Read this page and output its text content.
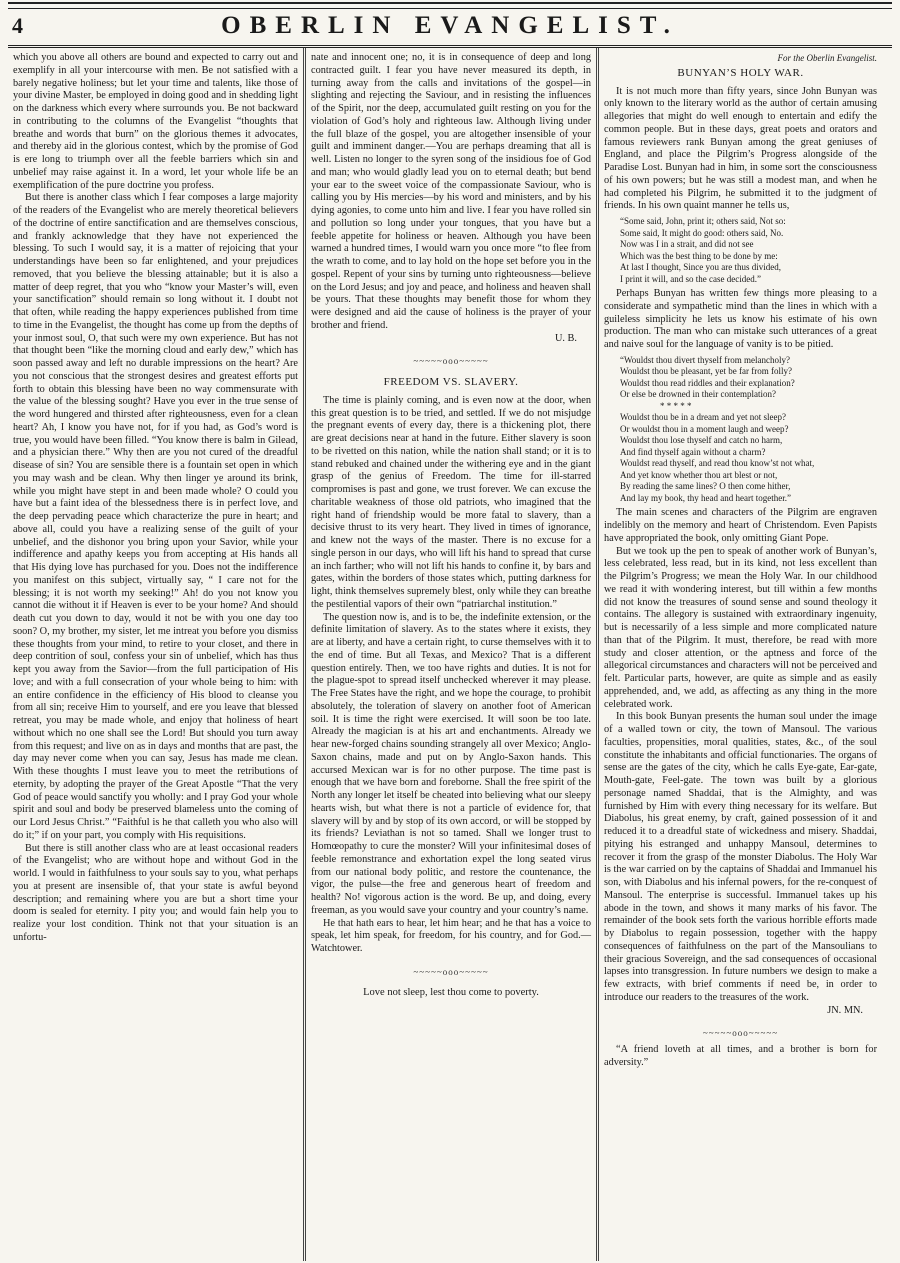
4	OBERLIN EVANGELIST.

which you above all others are bound and expected to carry out and exemplify in all your intercourse with men. Be not satisfied with a barely negative holiness; but let your time and talents, like those of your divine Master, be employed in doing good and in shedding light on the darkness which every where surrounds you. Be not backward in contributing to the columns of the Evangelist “thoughts that breathe and words that burn” on the glorious themes it advocates, and thereby aid in the glorious contest, which by the promise of God is ere long to triumph over all the feeble barriers which sin and unbelief may raise against it. In a word, let your whole life be an exemplification of the pure doctrine you profess.

But there is another class which I fear composes a large majority of the readers of the Evangelist who are merely theoretical believers of the doctrine of entire sanctification and are themselves conscious, and frankly acknowledge that they have not experienced the blessing. To such I would say, it is a matter of rejoicing that your understandings have been so far enlightened, and your prejudices removed, that you believe the blessing attainable; but it is also a matter of deep regret, that you who “know your Master’s will, even your sanctification” should remain so long without it. I doubt not that often, while reading the happy experiences published from time to time in the Evangelist, the thought has come up from the depths of your inmost soul, O, that such were my own experience. But has not that thought been “like the morning cloud and early dew,” which has soon passed away and left no durable impressions on the heart? Are you not conscious that the strongest desires and greatest efforts put forth to obtain this blessing have been no way commensurate with the value of the blessing sought? Have you ever in the true sense of the word hungered and thirsted after righteousness, even for a clean heart? Ah, I know you have not, for if you had, as God’s word is true, you would have been filled. “You know there is balm in Gilead, and a physician there.” Why then are you not cured of the dreadful disease of sin? You are sensible there is a fountain set open in which you may wash and be clean. Why then linger ye around its brink, while you might have stept in and been made whole? O could you have but a faint idea of the blessedness there is in perfect love, and the deep pervading peace which characterize the pure in heart; and above all, could you have a realizing sense of the guilt of your unbelief, and the dishonor you bring upon your Savior, while your indifference and apathy keeps you from accepting at His hands all that His dying love has purchased for you. Does not the indifference you manifest on this subject, virtually say, “ I care not for the blessing; it is not worth my seeking!” Ah! do you not know you cannot die without it if Heaven is ever to be your home? And should death cut you down to day, would it not be with you one day too soon? O, my brother, my sister, let me intreat you before you dismiss these thoughts from your mind, to retire to your closet, and there in deep contrition of soul, confess your sin of unbelief, which has thus kept you away from the Savior—from the full participation of His love; and with a full consecration of your whole being to him: with an entire confidence in the efficiency of His blood to cleanse you from all sin; receive Him to yourself, and ere you leave that blessed retreat, you may be made whole, and enjoy that holiness of heart without which no one shall see the Lord! But should you turn away from this request; and live on as in days and months that are past, the day may never come when you can say, Jesus has made me clean. With these thoughts I must leave you to meet the retributions of eternity, by adopting the prayer of the Great Apostle “That the very God of peace would sanctify you wholly: and I pray God your whole spirit and soul and body be preserved blameless unto the coming of our Lord Jesus Christ.” “Faithful is he that calleth you who also will do it;” if on your part, you comply with His requisitions.

But there is still another class who are at least occasional readers of the Evangelist; who are without hope and without God in the world. I would in faithfulness to your souls say to you, what perhaps you at present are insensible of, that your state is awful beyond description; and remaining where you are but a short time your doom is sealed for eternity. I pity you; and would fain help you to realize your lost condition. Think not that your situation is an unfortu-

nate and innocent one; no, it is in consequence of deep and long contracted guilt. I fear you have never measured its depth, in turning away from the calls and invitations of the gospel—in slighting and rejecting the Saviour, and in resisting the influences of the Spirit, nor the deep, accumulated guilt resting on you for the violation of God’s holy and righteous law. Although living under the full blaze of the gospel, you are altogether insensible of your guilt and imminent danger.—You are perhaps dreaming that all is well. Listen no longer to the syren song of the insidious foe of God and man; who would gladly lead you on to eternal death; but bend your ear to the sweet voice of the compassionate Saviour, who is calling you by His mercies—by his word and ministers, and by his dying agonies, to come unto him and live. I fear you have rolled sin and pollution so long under your tongues, that you have but a feeble appetite for holiness or heaven. Although you have been warned a hundred times, I would warn you once more “to flee from the wrath to come, and to lay hold on the hope set before you in the gospel. Repent of your sins by turning unto righteousness—believe on the Lord Jesus; and joy and peace, and holiness and heaven shall be yours. That these thoughts may benefit those for whom they were designed and aid the cause of holiness is the prayer of your brother and friend.

U. B.

~~~~~ooo~~~~~
FREEDOM VS. SLAVERY.

The time is plainly coming, and is even now at the door, when this great question is to be tried, and settled. If we do not misjudge the pregnant events of every day, there is a thickening plot, there are great decisions near at hand in the future. Either slavery is soon to be rivetted on this nation, while the nation shall stand; or it is to stand rebuked and chained under the withering eye and in the giant grasp of the genius of Freedom. The time for ill-starred compromises is past and gone, we trust forever. We can excuse the charitable weakness of those old patriots, who imagined that the right hand of friendship would be more fatal to slavery, than a decisive thrust to its very heart. They lived in times of ignorance, and knew not the ways of the master. There is no excuse for a single person in our days, who will lift his hand to spread that curse an inch farther; who will not lift his hands to confine it, by bars and gates, within the borders of those states which, putting darkness for light, think themselves supremely blest, only while they can breathe the pestilential vapors of their own “patriarchal institution.”

The question now is, and is to be, the indefinite extension, or the definite limitation of slavery. As to the states where it exists, they are at liberty, and have a certain right, to curse themselves with it to the end of time. But all Texas, and Mexico? That is a different question entirely. Then, we too have rights and duties. It is not for the plague-spot to spread itself unchecked wherever it may please. The Free States have the right, and we hope the courage, to prohibit absolutely, the toleration of slavery on another foot of American soil. It is time the right were exercised. It will soon be too late. Already the magician is at his art and enchantments. Already we hear new-forged chains sounding strangely all over Mexico; Anglo-Saxon chains, made and put on by Anglo-Saxon hands. This accursed Mexican war is for no other purpose. The time past is enough that we have born and foreborne. Shall the free spirit of the North any longer let itself be cheated into believing what our sleepy hearts wish, but what there is not a particle of evidence for, that slavery will by and by stop of its own accord, or will be stopped by its friends? Leviathan is not so tamed. Shall we longer trust to Homœopathy to cure the monster? Will your infinitesimal doses of feeble remonstrance and exhortation expel the long seated virus from our national body politic, and restore the countenance, the vigor, the pulse—the free and generous heart of freedom and health? No! vigorous action is the word. Be up, and doing, every freeman, as you would save your country and your country’s name.

He that hath ears to hear, let him hear; and he that has a voice to speak, let him speak, for freedom, for his country, and for God.—Watchtower.

~~~~~ooo~~~~~
Love not sleep, lest thou come to poverty.
For the Oberlin Evangelist.
BUNYAN’S HOLY WAR.

It is not much more than fifty years, since John Bunyan was only known to the literary world as the author of certain amusing allegories that might do well enough to entertain and edify the common people. But in these days, great poets and orators and famous reviewers rank Bunyan among the great geniuses of England, and place the Pilgrim’s Progress alongside of the Paradise Lost. Bunyan had in him, in some sort the consciousness of his own powers; but he was still a modest man, and when he had completed his Pilgrim, he submitted it to the judgment of friends. In his own quaint manner he tells us,

“Some said, John, print it; others said, Not so:
Some said, It might do good: others said, No.
Now was I in a strait, and did not see
Which was the best thing to be done by me:
At last I thought, Since you are thus divided,
I print it will, and so the case decided.”

Perhaps Bunyan has written few things more pleasing to a considerate and sympathetic mind than the lines in which with a guileless simplicity he lets us know his estimate of his own production. The man who can mistake such utterances of a great and naive soul for the language of vanity is to be pitied.

“Wouldst thou divert thyself from melancholy?
Wouldst thou be pleasant, yet be far from folly?
Wouldst thou read riddles and their explanation?
Or else be drowned in their contemplation?
* * * * *
Wouldst thou be in a dream and yet not sleep?
Or wouldst thou in a moment laugh and weep?
Wouldst thou lose thyself and catch no harm,
And find thyself again without a charm?
Wouldst read thyself, and read thou know’st not what,
And yet know whether thou art blest or not,
By reading the same lines? O then come hither,
And lay my book, thy head and heart together.”

The main scenes and characters of the Pilgrim are engraven indelibly on the memory and heart of Christendom. Even Papists have appropriated the book, only omitting Giant Pope.

But we took up the pen to speak of another work of Bunyan’s, less celebrated, less read, but in its kind, not less excellent than the Pilgrim’s Progress; we mean the Holy War. In our childhood we read it with wondering interest, but till within a few months did not know the treasures of sound sense and sound theology it contains. The allegory is sustained with extraordinary ingenuity, but is necessarily of a less simple and more complicated nature than that of the Pilgrim. It must, therefore, be read with more study and closer attention, or the aptness and force of the allegorical circumstances and characters will not be perceived and felt. Particular parts, however, are quite as simple and as easily apprehended, and, we add, as affecting as any thing in the more celebrated work.

In this book Bunyan presents the human soul under the image of a walled town or city, the town of Mansoul. The various faculties, propensities, moral qualities, states, &c., of the soul constitute the inhabitants and official functionaries. The organs of sense are the gates of the city, which he calls Eye-gate, Ear-gate, Mouth-gate, Feel-gate. The town was built by a glorious personage named Shaddai, that is the Almighty, and was furnished by Him with every thing necessary for its welfare. But Diabolus, his great enemy, by craft, gained possession of it and reduced it to a dreadful state of wickedness and misery. Shaddai, pitying his estranged and unhappy Mansoul, determines to recover it from the grasp of the monster Diabolus. The Holy War is the war carried on by the captains of Shaddai and Immanuel his son, with Diabolus and his infernal powers, for the re-conquest of Mansoul. The enterprise is successful. Immanuel takes up his abode in the town, and shows it many marks of his favor. The remainder of the book sets forth the various horrible efforts made by Diabolus to regain possession, together with the happy consequences of faithfulness on the part of the Mansoulians to their gracious Sovereign, and the sad consequences of occasional lapses into transgression. In future numbers we design to make a few extracts, with brief comments if need be, in order to introduce our readers to the treasures of the work.

JN. MN.

~~~~~ooo~~~~~

“A friend loveth at all times, and a brother is born for adversity.”
